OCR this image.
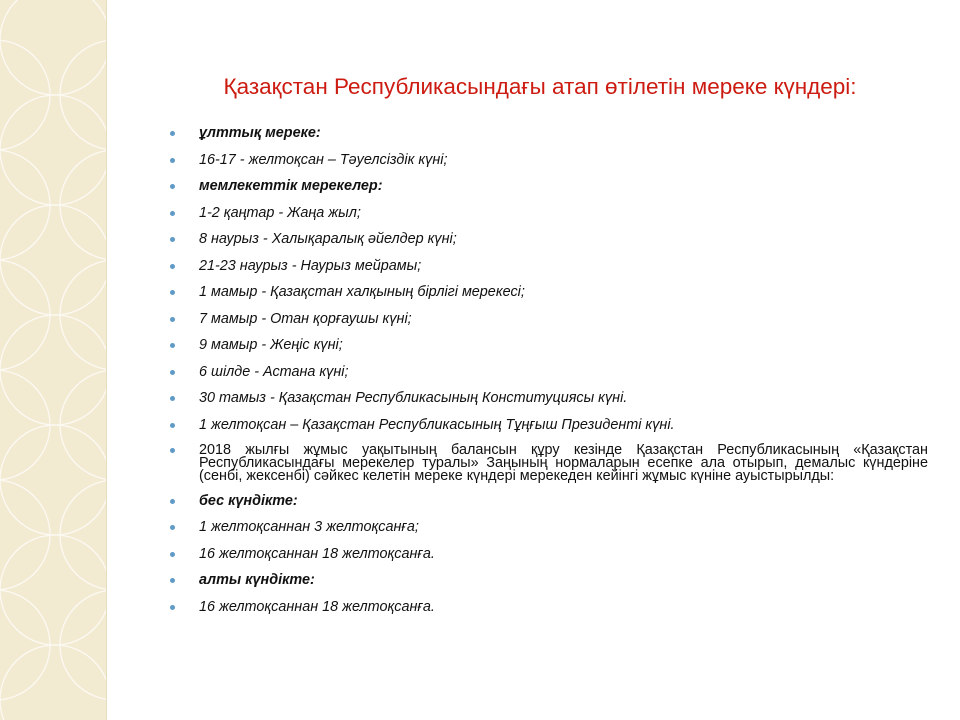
Қазақстан Республикасындағы атап өтілетін мереке күндері:
ұлттық мереке:
16-17 - желтоқсан – Тәуелсіздік күні;
мемлекеттік мерекелер:
1-2 қаңтар - Жаңа жыл;
8 наурыз - Халықаралық әйелдер күні;
21-23 наурыз - Наурыз мейрамы;
1 мамыр - Қазақстан халқының бірлігі мерекесі;
7 мамыр - Отан қорғаушы күні;
9 мамыр - Жеңіс күні;
6 шілде - Астана күні;
30 тамыз - Қазақстан Республикасының Конституциясы күні.
1 желтоқсан – Қазақстан Республикасының Тұңғыш Президенті күні.
2018 жылғы жұмыс уақытының балансын құру кезінде Қазақстан Республикасының «Қазақстан Республикасындағы мерекелер туралы» Заңының нормаларын есепке ала отырып, демалыс күндеріне (сенбі, жексенбі) сәйкес келетін мереке күндері мерекеден кейінгі жұмыс күніне ауыстырылды:
бес күндікте:
1 желтоқсаннан 3 желтоқсанға;
16 желтоқсаннан 18 желтоқсанға.
алты күндікте:
16 желтоқсаннан 18 желтоқсанға.
